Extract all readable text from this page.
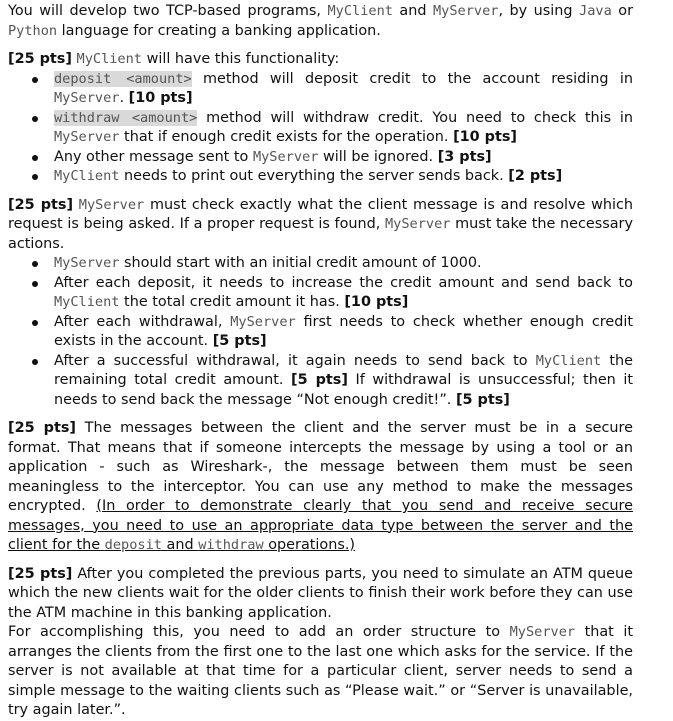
You will develop two TCP-based programs, MyClient and MyServer, by using Java or Python language for creating a banking application.

[25 pts] MyClient will have this functionality:

deposit <amount> method will deposit credit to the account residing in MyServer. [10 pts]
withdraw <amount> method will withdraw credit. You need to check this in MyServer that if enough credit exists for the operation. [10 pts]
Any other message sent to MyServer will be ignored. [3 pts]
MyClient needs to print out everything the server sends back. [2 pts]

[25 pts] MyServer must check exactly what the client message is and resolve which request is being asked. If a proper request is found, MyServer must take the necessary actions.

MyServer should start with an initial credit amount of 1000.
After each deposit, it needs to increase the credit amount and send back to MyClient the total credit amount it has. [10 pts]
After each withdrawal, MyServer first needs to check whether enough credit exists in the account. [5 pts]
After a successful withdrawal, it again needs to send back to MyClient the remaining total credit amount. [5 pts] If withdrawal is unsuccessful; then it needs to send back the message “Not enough credit!”. [5 pts]

[25 pts] The messages between the client and the server must be in a secure format. That means that if someone intercepts the message by using a tool or an application - such as Wireshark-, the message between them must be seen meaningless to the interceptor. You can use any method to make the messages encrypted. (In order to demonstrate clearly that you send and receive secure messages, you need to use an appropriate data type between the server and the client for the deposit and withdraw operations.)

[25 pts] After you completed the previous parts, you need to simulate an ATM queue which the new clients wait for the older clients to finish their work before they can use the ATM machine in this banking application.

For accomplishing this, you need to add an order structure to MyServer that it arranges the clients from the first one to the last one which asks for the service. If the server is not available at that time for a particular client, server needs to send a simple message to the waiting clients such as “Please wait.” or “Server is unavailable, try again later.”.
